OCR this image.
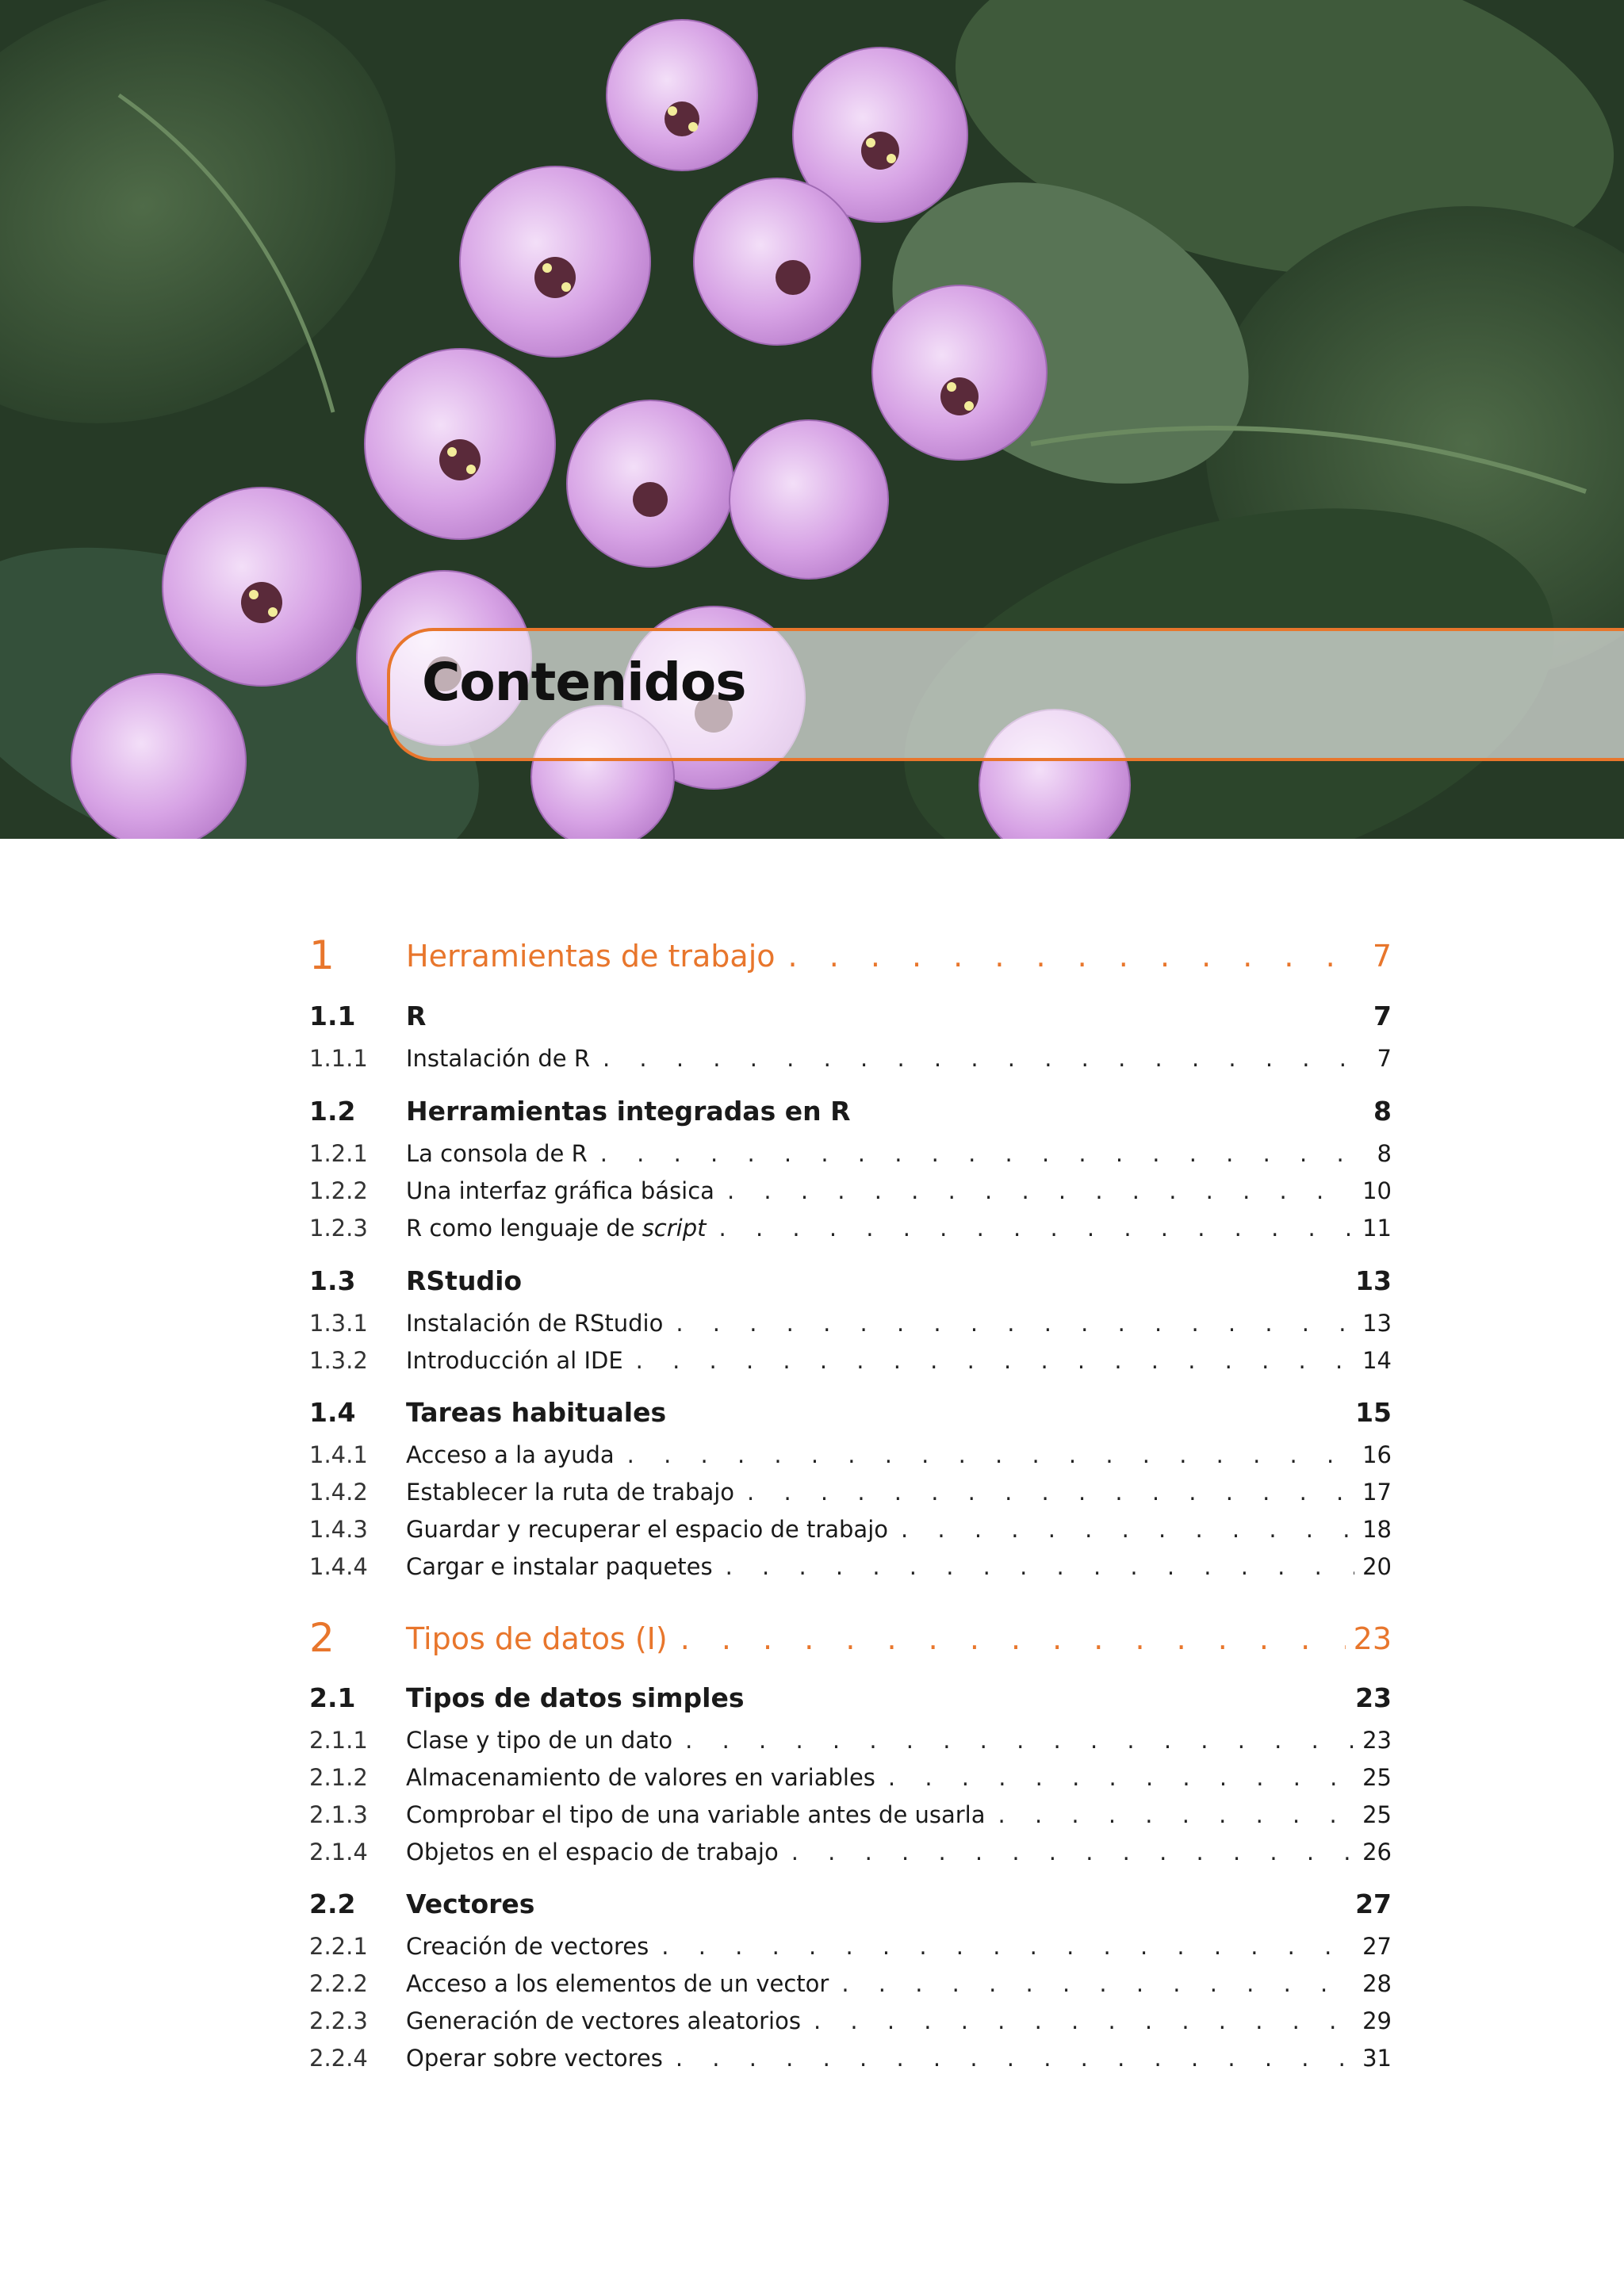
Contenidos
1 Herramientas de trabajo . . .	7
1.1 R	7
1.1.1 Instalación de R . . .	7
1.2 Herramientas integradas en R	8
1.2.1 La consola de R . . .	8
1.2.2 Una interfaz gráfica básica . . .	10
1.2.3 R como lenguaje de script . . .	11
1.3 RStudio	13
1.3.1 Instalación de RStudio . . .	13
1.3.2 Introducción al IDE . . .	14
1.4 Tareas habituales	15
1.4.1 Acceso a la ayuda . . .	16
1.4.2 Establecer la ruta de trabajo . . .	17
1.4.3 Guardar y recuperar el espacio de trabajo . . .	18
1.4.4 Cargar e instalar paquetes . . .	20
2 Tipos de datos (I) . . .	23
2.1 Tipos de datos simples	23
2.1.1 Clase y tipo de un dato . . .	23
2.1.2 Almacenamiento de valores en variables . . .	25
2.1.3 Comprobar el tipo de una variable antes de usarla . . .	25
2.1.4 Objetos en el espacio de trabajo . . .	26
2.2 Vectores	27
2.2.1 Creación de vectores . . .	27
2.2.2 Acceso a los elementos de un vector . . .	28
2.2.3 Generación de vectores aleatorios . . .	29
2.2.4 Operar sobre vectores . . .	31
